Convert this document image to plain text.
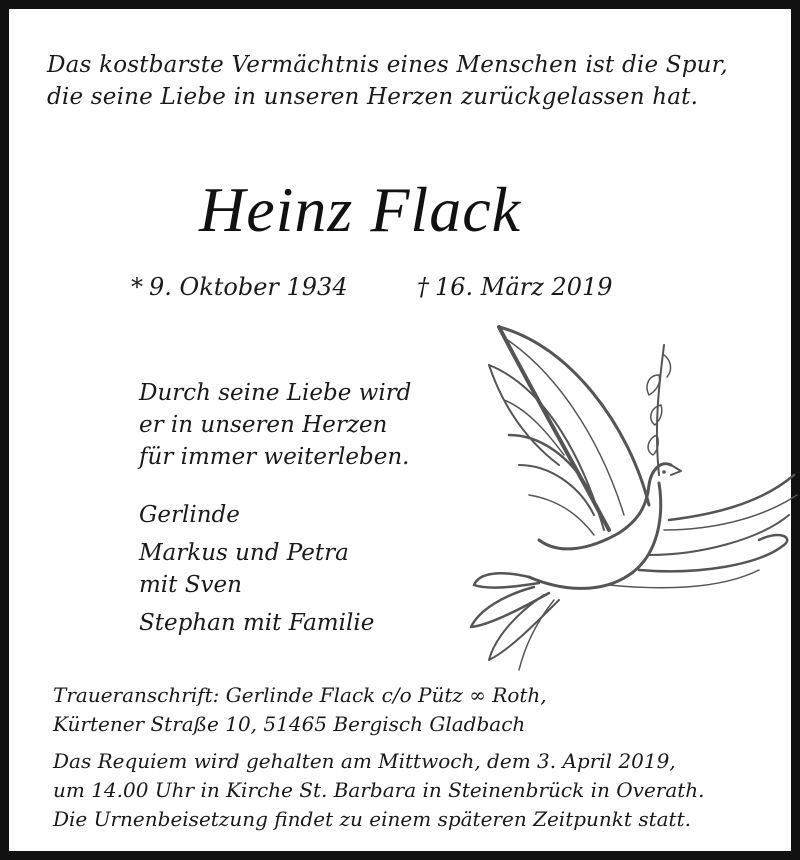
Das kostbarste Vermächtnis eines Menschen ist die Spur,
die seine Liebe in unseren Herzen zurückgelassen hat.
Heinz Flack
* 9. Oktober 1934	† 16. März 2019
Durch seine Liebe wird
er in unseren Herzen
für immer weiterleben.
Gerlinde
Markus und Petra
mit Sven
Stephan mit Familie
Traueranschrift: Gerlinde Flack c/o Pütz ∞ Roth,
Kürtener Straße 10, 51465 Bergisch Gladbach
Das Requiem wird gehalten am Mittwoch, dem 3. April 2019,
um 14.00 Uhr in Kirche St. Barbara in Steinenbrück in Overath.
Die Urnenbeisetzung findet zu einem späteren Zeitpunkt statt.
